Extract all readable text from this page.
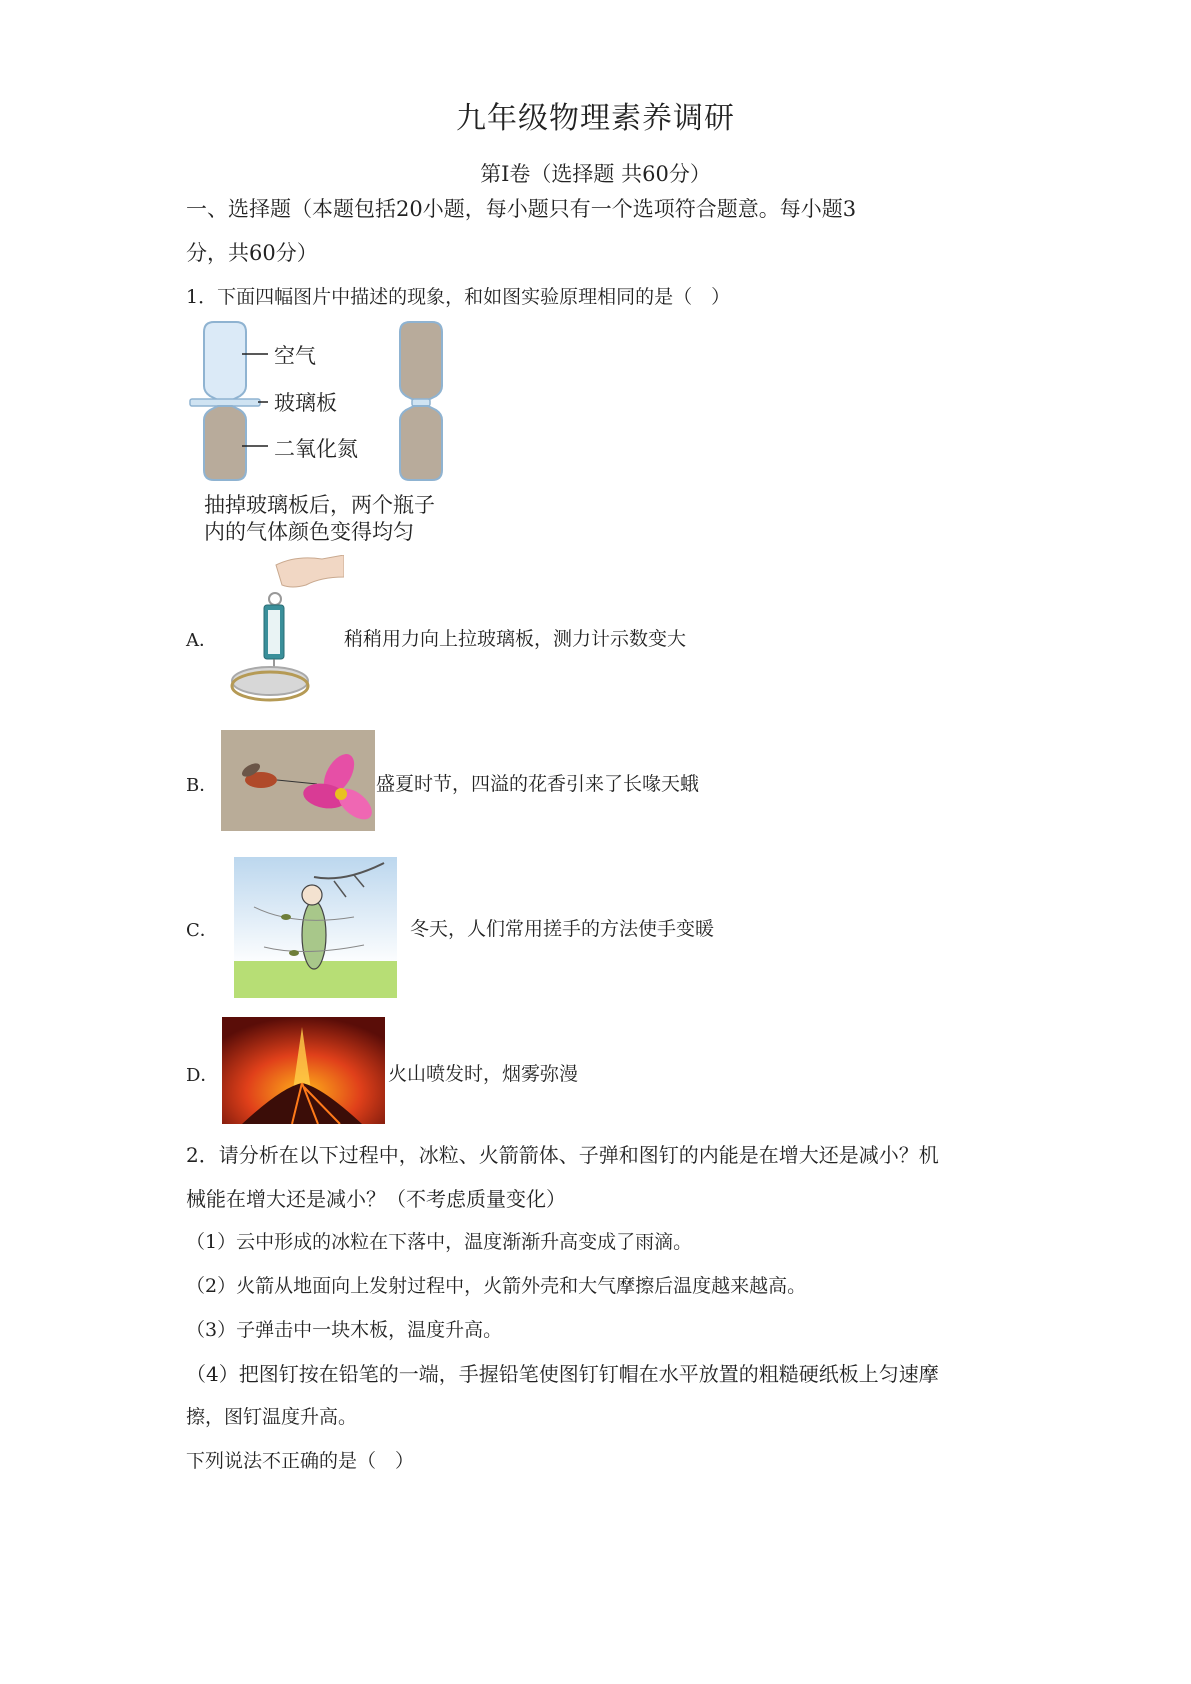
九年级物理素养调研
第Ⅰ卷（选择题 共60分）
一、选择题（本题包括20小题，每小题只有一个选项符合题意。每小题3
分，共60分）
1．下面四幅图片中描述的现象，和如图实验原理相同的是（　）
空气
玻璃板
二氧化氮
抽掉玻璃板后，两个瓶子
内的气体颜色变得均匀
A．	稍稍用力向上拉玻璃板，测力计示数变大
B．	盛夏时节，四溢的花香引来了长喙天蛾
C．	冬天，人们常用搓手的方法使手变暖
D．	火山喷发时，烟雾弥漫
2．请分析在以下过程中，冰粒、火箭箭体、子弹和图钉的内能是在增大还是减小？机
械能在增大还是减小？（不考虑质量变化）
（1）云中形成的冰粒在下落中，温度渐渐升高变成了雨滴。
（2）火箭从地面向上发射过程中，火箭外壳和大气摩擦后温度越来越高。
（3）子弹击中一块木板，温度升高。
（4）把图钉按在铅笔的一端，手握铅笔使图钉钉帽在水平放置的粗糙硬纸板上匀速摩
擦，图钉温度升高。
下列说法不正确的是（　）
